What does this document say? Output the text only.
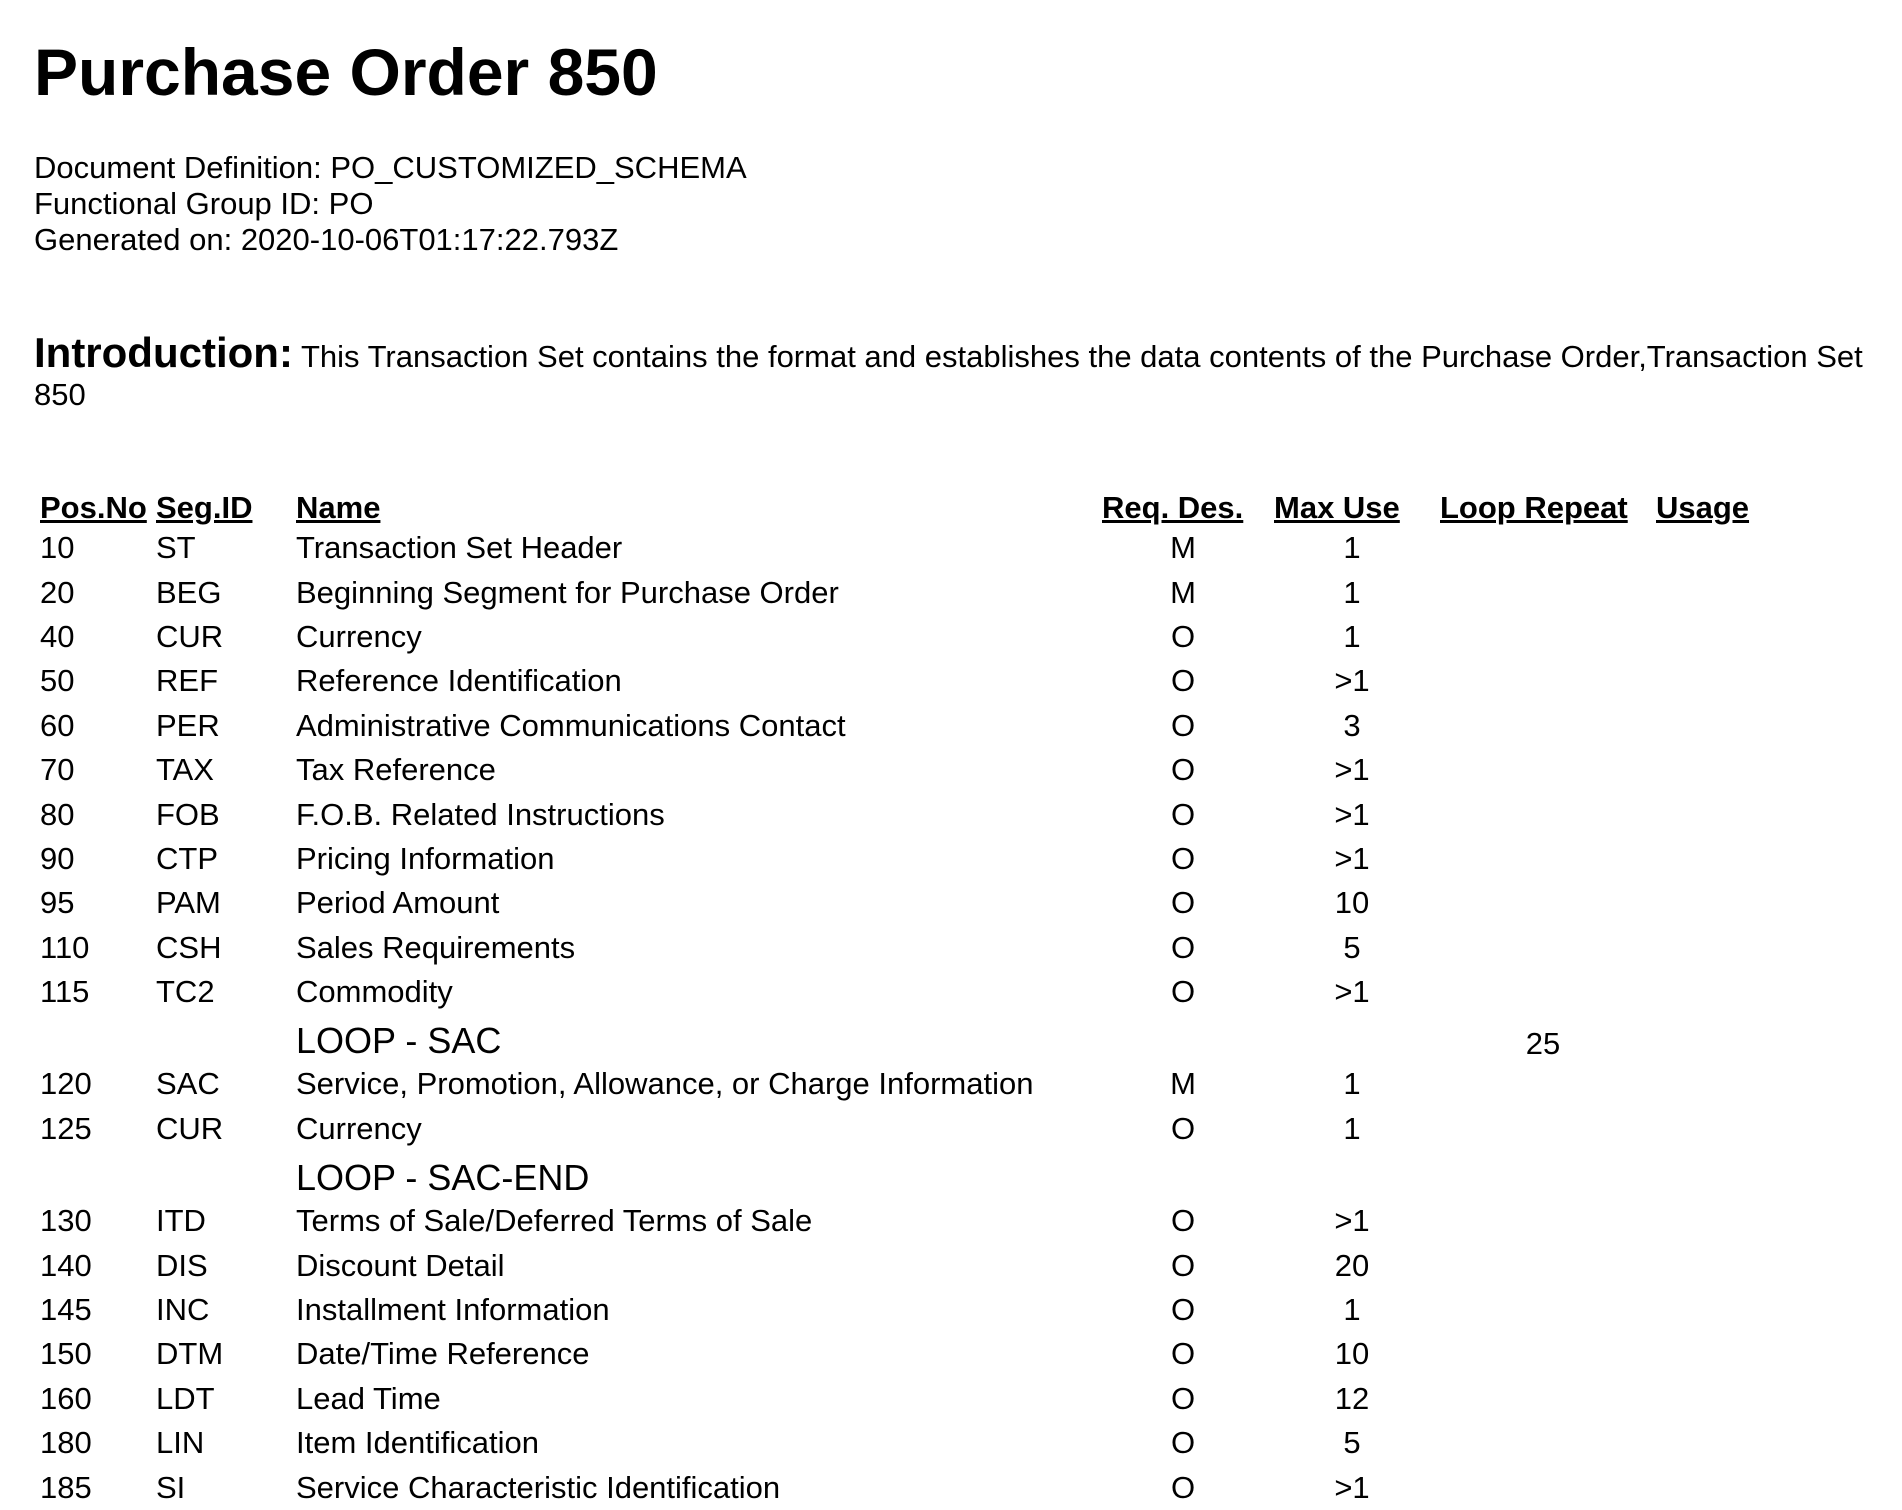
Purchase Order 850
Document Definition: PO_CUSTOMIZED_SCHEMA
Functional Group ID: PO
Generated on: 2020-10-06T01:17:22.793Z
Introduction: This Transaction Set contains the format and establishes the data contents of the Purchase Order,Transaction Set 850
Pos.No	Seg.ID	Name	Req. Des.	Max Use	Loop Repeat	Usage
10	ST	Transaction Set Header	M	1		
20	BEG	Beginning Segment for Purchase Order	M	1		
40	CUR	Currency	O	1		
50	REF	Reference Identification	O	>1		
60	PER	Administrative Communications Contact	O	3		
70	TAX	Tax Reference	O	>1		
80	FOB	F.O.B. Related Instructions	O	>1		
90	CTP	Pricing Information	O	>1		
95	PAM	Period Amount	O	10		
110	CSH	Sales Requirements	O	5		
115	TC2	Commodity	O	>1		
		LOOP - SAC			25	
120	SAC	Service, Promotion, Allowance, or Charge Information	M	1		
125	CUR	Currency	O	1		
		LOOP - SAC-END				
130	ITD	Terms of Sale/Deferred Terms of Sale	O	>1		
140	DIS	Discount Detail	O	20		
145	INC	Installment Information	O	1		
150	DTM	Date/Time Reference	O	10		
160	LDT	Lead Time	O	12		
180	LIN	Item Identification	O	5		
185	SI	Service Characteristic Identification	O	>1		
